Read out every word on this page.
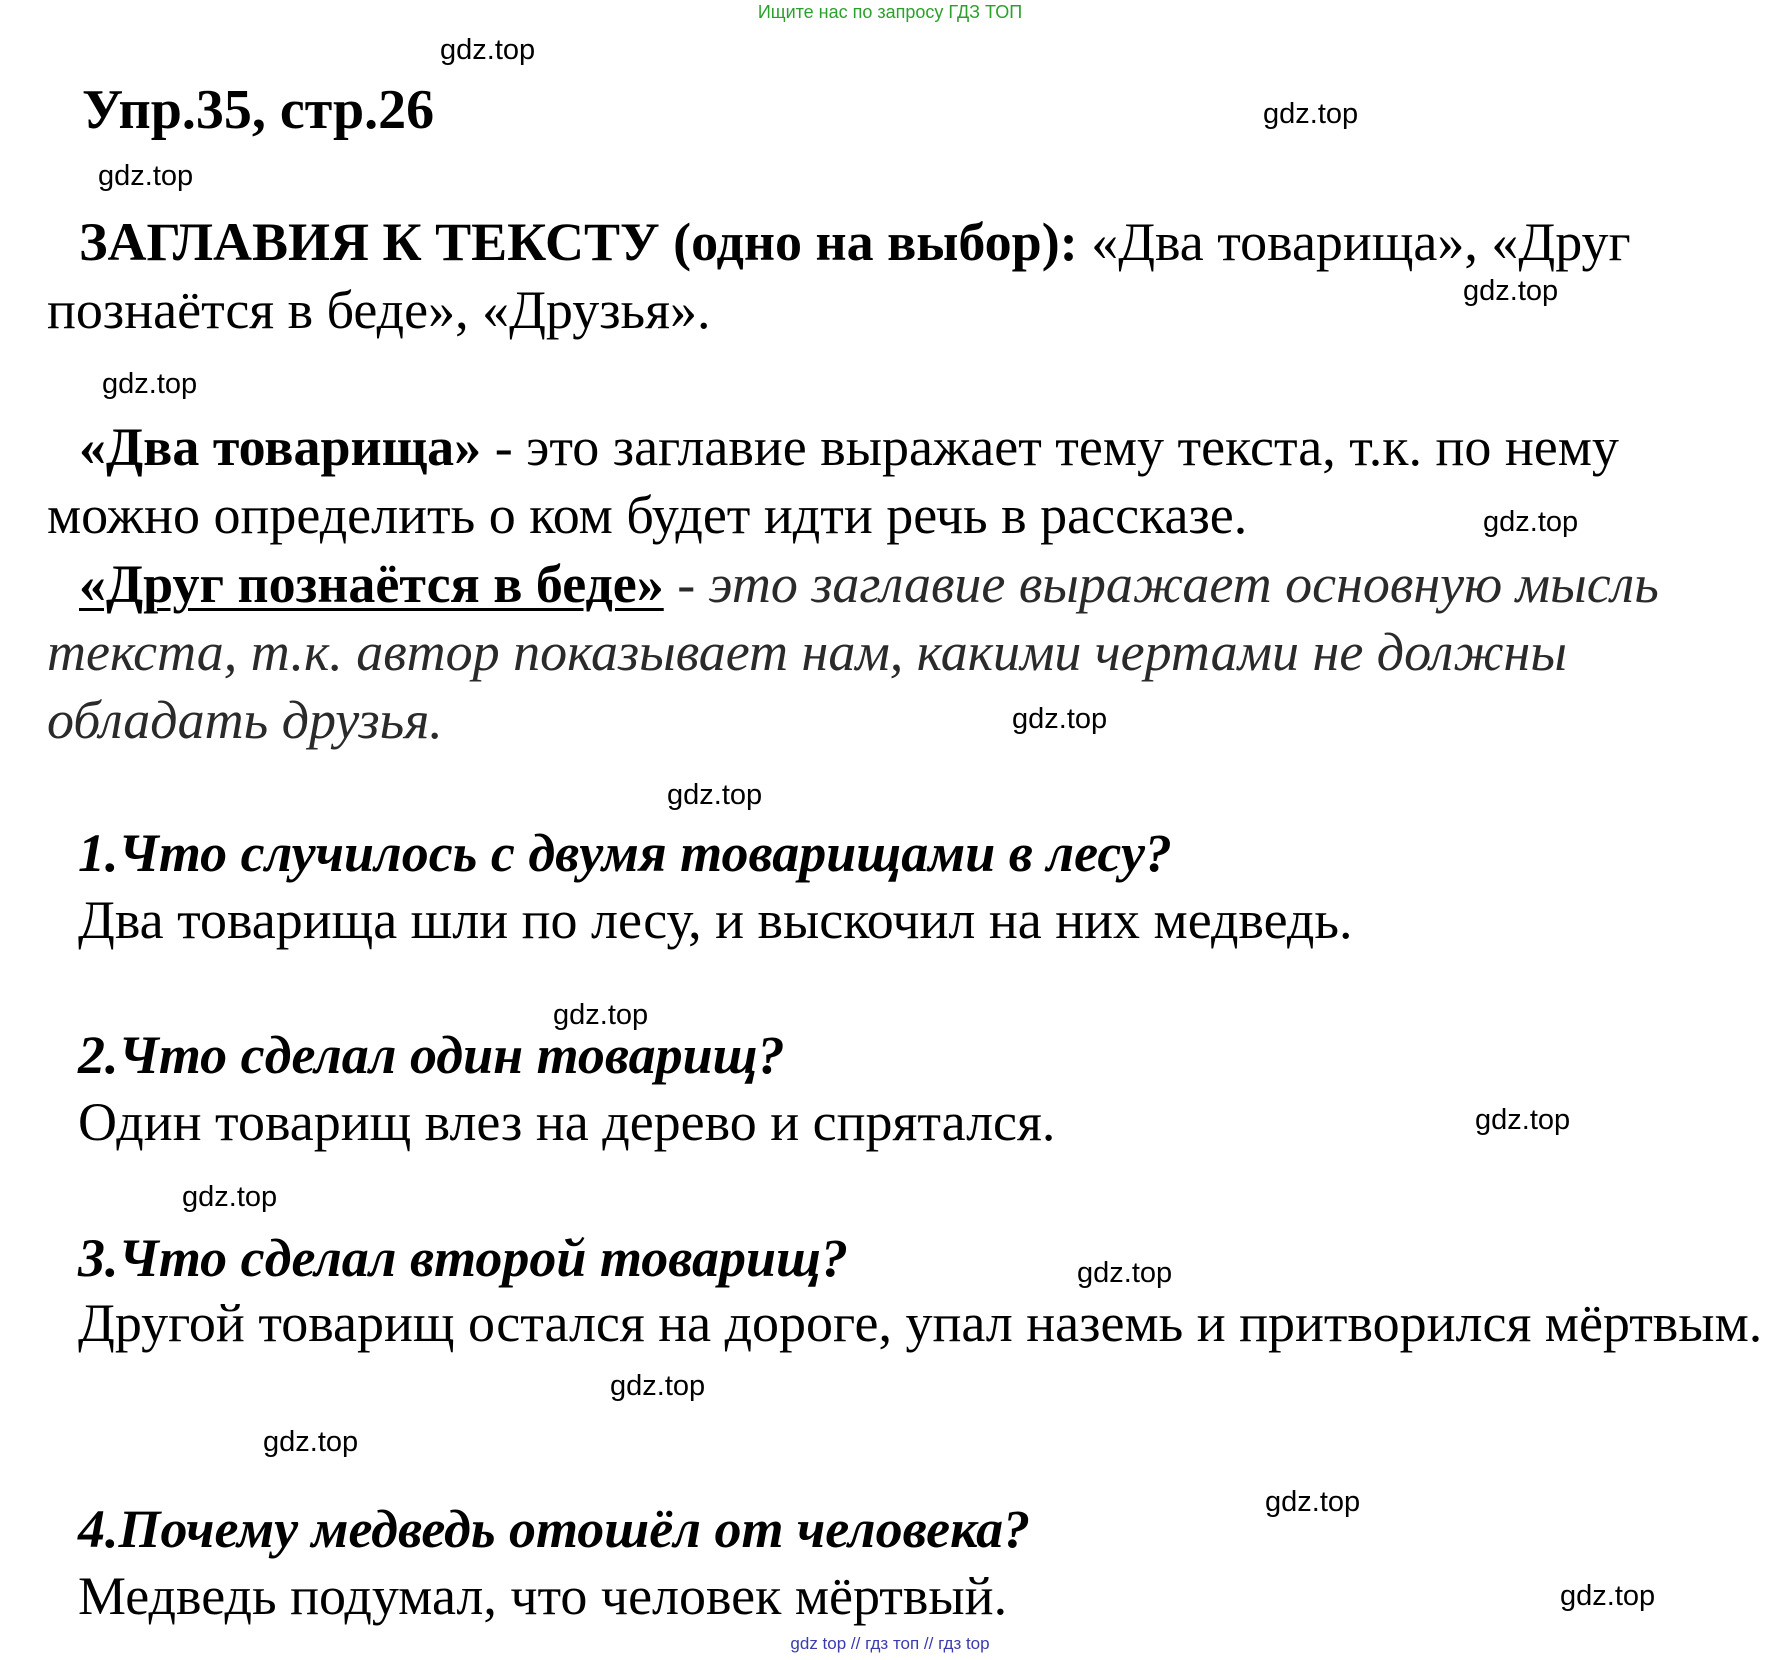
Ищите нас по запросу ГДЗ ТОП
gdz.top
gdz.top
gdz.top
gdz.top
gdz.top
gdz.top
gdz.top
gdz.top
gdz.top
gdz.top
gdz.top
gdz.top
gdz.top
gdz.top
gdz.top
gdz.top
Упр.35, стр.26

ЗАГЛАВИЯ К ТЕКСТУ (одно на выбор): «Два товарища», «Друг познаётся в беде», «Друзья».

«Два товарища» - это заглавие выражает тему текста, т.к. по нему можно определить о ком будет идти речь в рассказе.

«Друг познаётся в беде» - это заглавие выражает основную мысль текста, т.к. автор показывает нам, какими чертами не должны обладать друзья.

1.Что случилось с двумя товарищами в лесу?
Два товарища шли по лесу, и выскочил на них медведь.
2.Что сделал один товарищ?
Один товарищ влез на дерево и спрятался.
3.Что сделал второй товарищ?

Другой товарищ остался на дороге, упал наземь и притворился мёртвым.

4.Почему медведь отошёл от человека?
Медведь подумал, что человек мёртвый.
gdz top // гдз топ // гдз top
